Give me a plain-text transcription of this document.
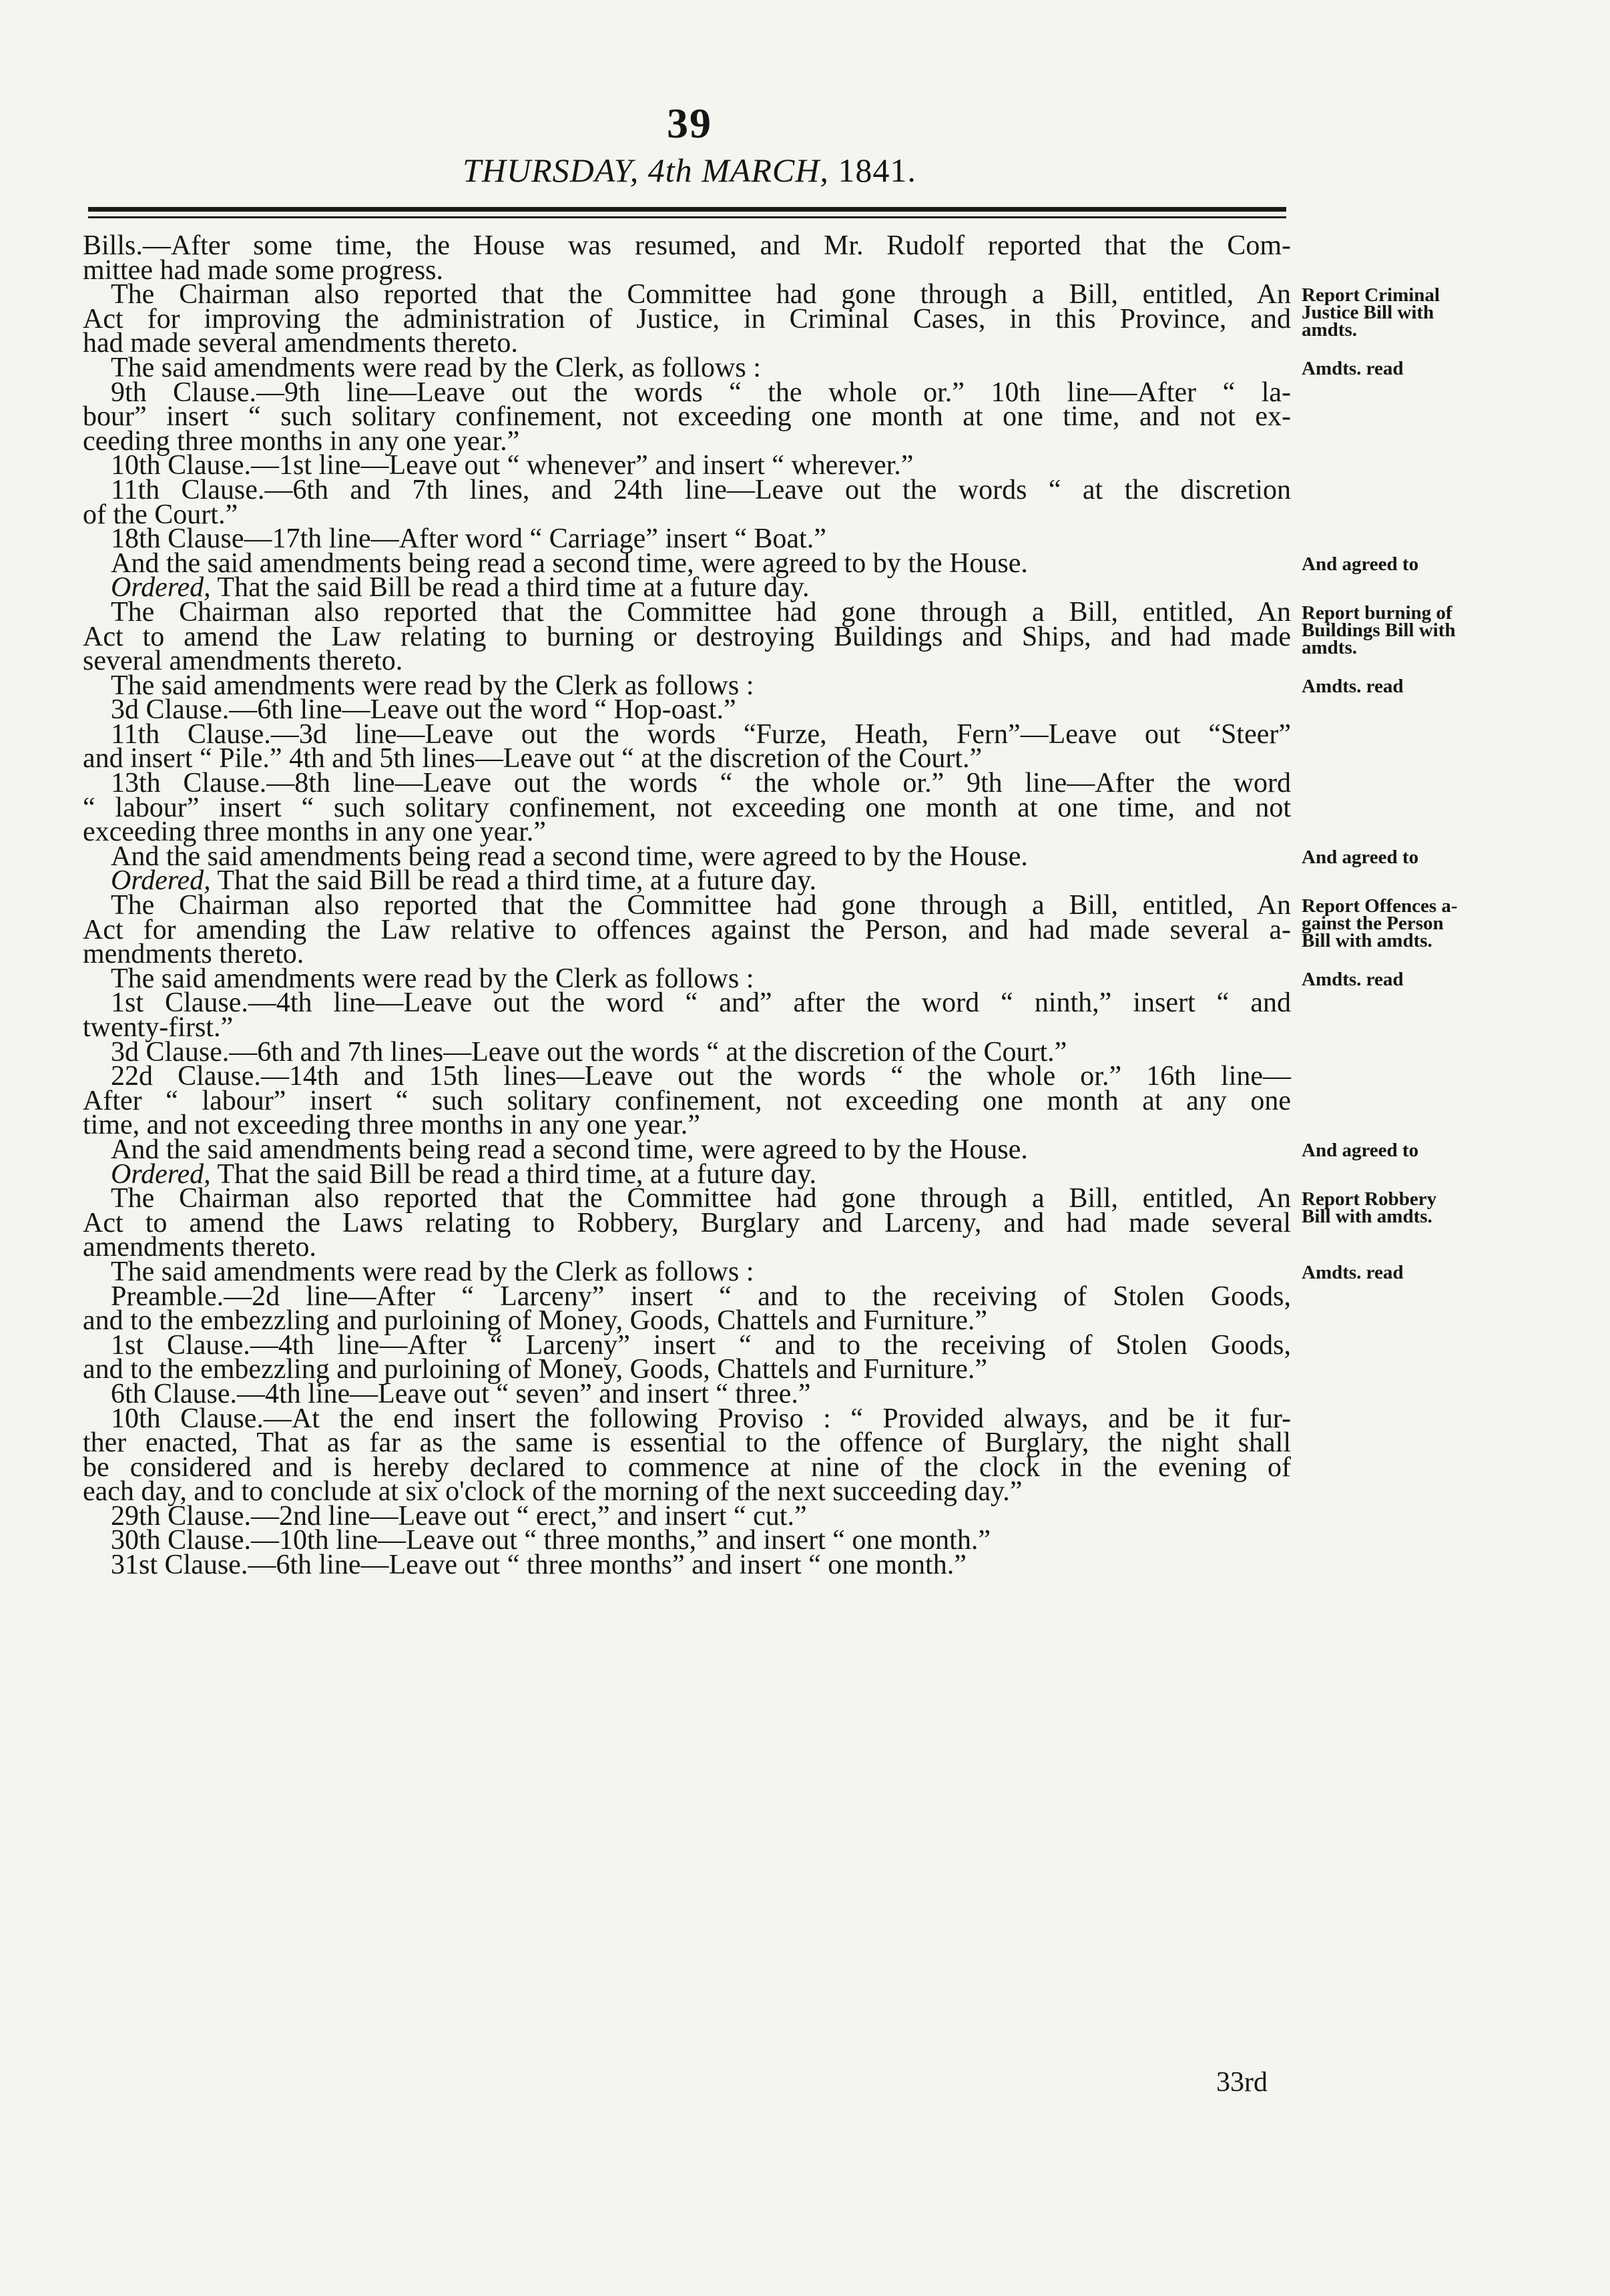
39
THURSDAY, 4th MARCH, 1841.
Bills.—After some time, the House was resumed, and Mr. Rudolf reported that the Com-
mittee had made some progress.
The Chairman also reported that the Committee had gone through a Bill, entitled, An
Act for improving the administration of Justice, in Criminal Cases, in this Province, and
had made several amendments thereto.
The said amendments were read by the Clerk, as follows :
9th Clause.—9th line—Leave out the words “ the whole or.” 10th line—After “ la-
bour” insert “ such solitary confinement, not exceeding one month at one time, and not ex-
ceeding three months in any one year.”
10th Clause.—1st line—Leave out “ whenever” and insert “ wherever.”
11th Clause.—6th and 7th lines, and 24th line—Leave out the words “ at the discretion
of the Court.”
18th Clause—17th line—After word “ Carriage” insert “ Boat.”
And the said amendments being read a second time, were agreed to by the House.
Ordered, That the said Bill be read a third time at a future day.
The Chairman also reported that the Committee had gone through a Bill, entitled, An
Act to amend the Law relating to burning or destroying Buildings and Ships, and had made
several amendments thereto.
The said amendments were read by the Clerk as follows :
3d Clause.—6th line—Leave out the word “ Hop-oast.”
11th Clause.—3d line—Leave out the words “Furze, Heath, Fern”—Leave out “Steer”
and insert “ Pile.” 4th and 5th lines—Leave out “ at the discretion of the Court.”
13th Clause.—8th line—Leave out the words “ the whole or.” 9th line—After the word
“ labour” insert “ such solitary confinement, not exceeding one month at one time, and not
exceeding three months in any one year.”
And the said amendments being read a second time, were agreed to by the House.
Ordered, That the said Bill be read a third time, at a future day.
The Chairman also reported that the Committee had gone through a Bill, entitled, An
Act for amending the Law relative to offences against the Person, and had made several a-
mendments thereto.
The said amendments were read by the Clerk as follows :
1st Clause.—4th line—Leave out the word “ and” after the word “ ninth,” insert “ and
twenty-first.”
3d Clause.—6th and 7th lines—Leave out the words “ at the discretion of the Court.”
22d Clause.—14th and 15th lines—Leave out the words “ the whole or.” 16th line—
After “ labour” insert “ such solitary confinement, not exceeding one month at any one
time, and not exceeding three months in any one year.”
And the said amendments being read a second time, were agreed to by the House.
Ordered, That the said Bill be read a third time, at a future day.
The Chairman also reported that the Committee had gone through a Bill, entitled, An
Act to amend the Laws relating to Robbery, Burglary and Larceny, and had made several
amendments thereto.
The said amendments were read by the Clerk as follows :
Preamble.—2d line—After “ Larceny” insert “ and to the receiving of Stolen Goods,
and to the embezzling and purloining of Money, Goods, Chattels and Furniture.”
1st Clause.—4th line—After “ Larceny” insert “ and to the receiving of Stolen Goods,
and to the embezzling and purloining of Money, Goods, Chattels and Furniture.”
6th Clause.—4th line—Leave out “ seven” and insert “ three.”
10th Clause.—At the end insert the following Proviso : “ Provided always, and be it fur-
ther enacted, That as far as the same is essential to the offence of Burglary, the night shall
be considered and is hereby declared to commence at nine of the clock in the evening of
each day, and to conclude at six o'clock of the morning of the next succeeding day.”
29th Clause.—2nd line—Leave out “ erect,” and insert “ cut.”
30th Clause.—10th line—Leave out “ three months,” and insert “ one month.”
31st Clause.—6th line—Leave out “ three months” and insert “ one month.”
Report Criminal
Justice Bill with
amdts.
Amdts. read
And agreed to
Report burning of
Buildings Bill with
amdts.
Amdts. read
And agreed to
Report Offences a-
gainst the Person
Bill with amdts.
Amdts. read
And agreed to
Report Robbery
Bill with amdts.
Amdts. read
33rd
